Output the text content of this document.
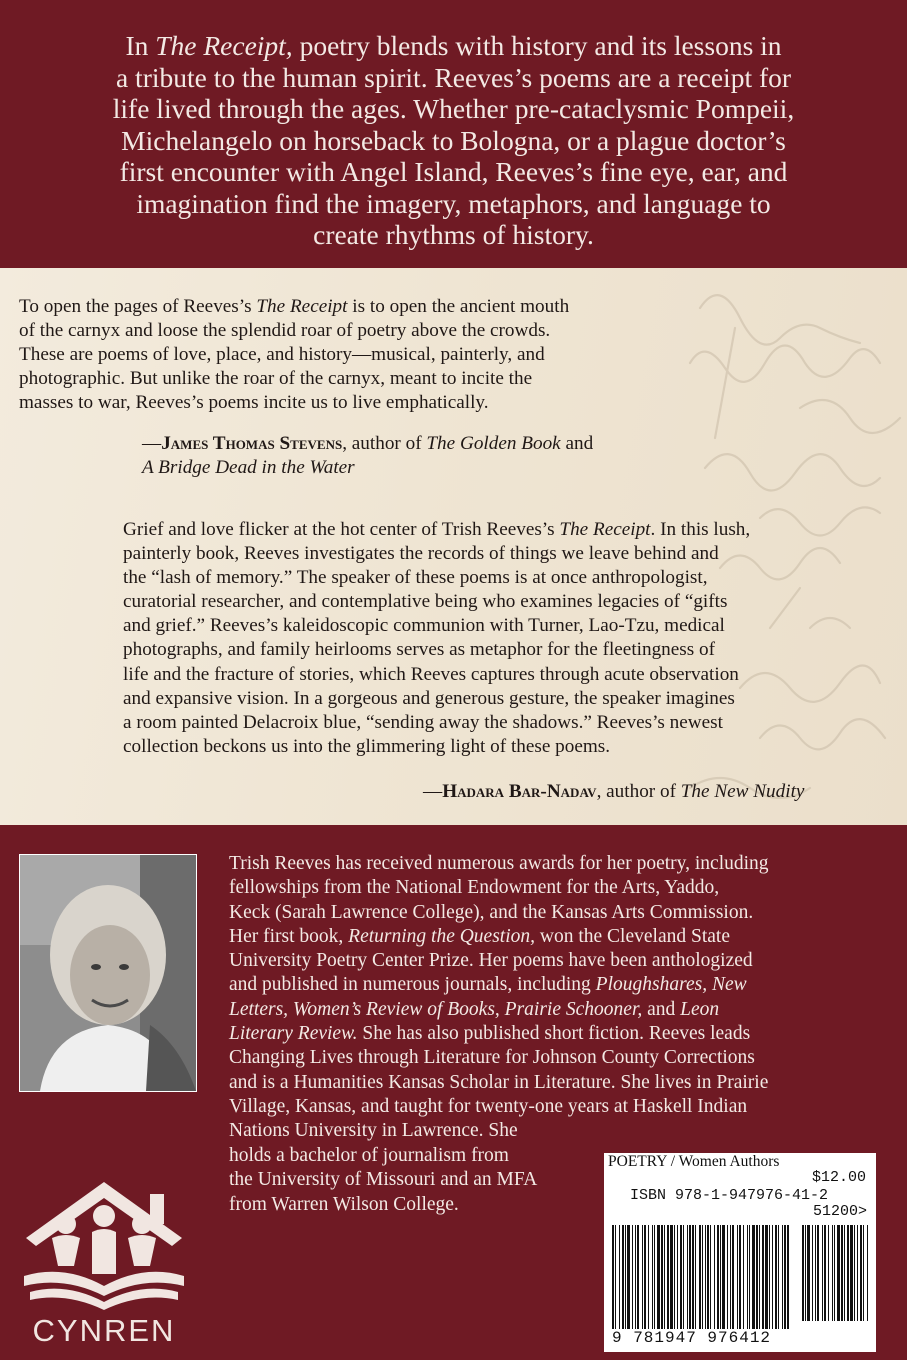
In The Receipt, poetry blends with history and its lessons in
a tribute to the human spirit. Reeves’s poems are a receipt for
life lived through the ages. Whether pre-cataclysmic Pompeii,
Michelangelo on horseback to Bologna, or a plague doctor’s
first encounter with Angel Island, Reeves’s fine eye, ear, and
imagination find the imagery, metaphors, and language to
create rhythms of history.

To open the pages of Reeves’s The Receipt is to open the ancient mouth
of the carnyx and loose the splendid roar of poetry above the crowds.
These are poems of love, place, and history—musical, painterly, and
photographic. But unlike the roar of the carnyx, meant to incite the
masses to war, Reeves’s poems incite us to live emphatically.

—James Thomas Stevens, author of The Golden Book and
A Bridge Dead in the Water

Grief and love flicker at the hot center of Trish Reeves’s The Receipt. In this lush,
painterly book, Reeves investigates the records of things we leave behind and
the “lash of memory.” The speaker of these poems is at once anthropologist,
curatorial researcher, and contemplative being who examines legacies of “gifts
and grief.” Reeves’s kaleidoscopic communion with Turner, Lao-Tzu, medical
photographs, and family heirlooms serves as metaphor for the fleetingness of
life and the fracture of stories, which Reeves captures through acute observation
and expansive vision. In a gorgeous and generous gesture, the speaker imagines
a room painted Delacroix blue, “sending away the shadows.” Reeves’s newest
collection beckons us into the glimmering light of these poems.

—Hadara Bar-Nadav, author of The New Nudity

Trish Reeves has received numerous awards for her poetry, including
fellowships from the National Endowment for the Arts, Yaddo,
Keck (Sarah Lawrence College), and the Kansas Arts Commission.
Her first book, Returning the Question, won the Cleveland State
University Poetry Center Prize. Her poems have been anthologized
and published in numerous journals, including Ploughshares, New
Letters, Women’s Review of Books, Prairie Schooner, and Leon
Literary Review. She has also published short fiction. Reeves leads
Changing Lives through Literature for Johnson County Corrections
and is a Humanities Kansas Scholar in Literature. She lives in Prairie
Village, Kansas, and taught for twenty-one years at Haskell Indian
Nations University in Lawrence. She

holds a bachelor of journalism from
the University of Missouri and an MFA
from Warren Wilson College.

CYNREN

POETRY / Women Authors

$12.00

ISBN 978-1-947976-41-2

51200>

9 781947 976412
